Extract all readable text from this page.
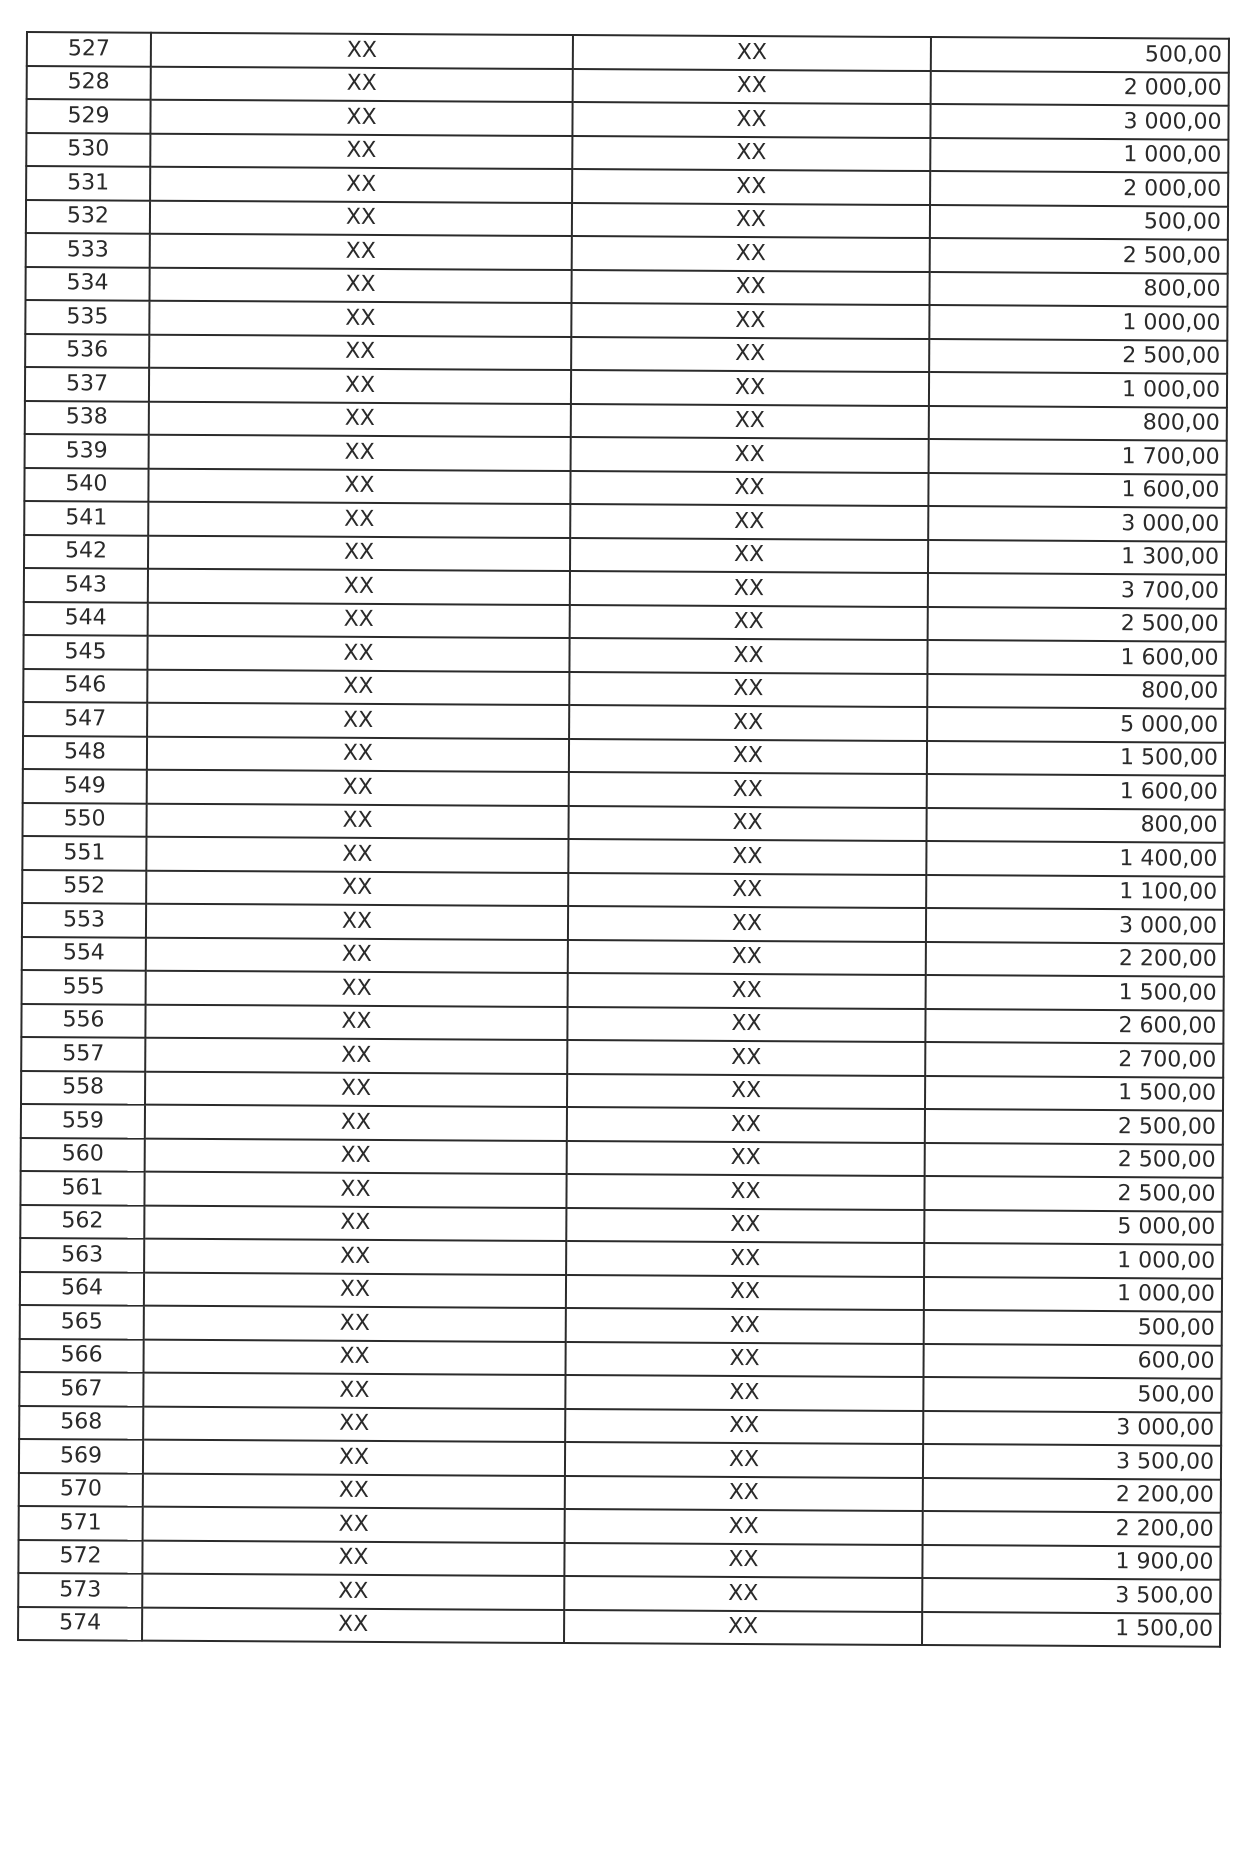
527	XX	XX	500,00
528	XX	XX	2 000,00
529	XX	XX	3 000,00
530	XX	XX	1 000,00
531	XX	XX	2 000,00
532	XX	XX	500,00
533	XX	XX	2 500,00
534	XX	XX	800,00
535	XX	XX	1 000,00
536	XX	XX	2 500,00
537	XX	XX	1 000,00
538	XX	XX	800,00
539	XX	XX	1 700,00
540	XX	XX	1 600,00
541	XX	XX	3 000,00
542	XX	XX	1 300,00
543	XX	XX	3 700,00
544	XX	XX	2 500,00
545	XX	XX	1 600,00
546	XX	XX	800,00
547	XX	XX	5 000,00
548	XX	XX	1 500,00
549	XX	XX	1 600,00
550	XX	XX	800,00
551	XX	XX	1 400,00
552	XX	XX	1 100,00
553	XX	XX	3 000,00
554	XX	XX	2 200,00
555	XX	XX	1 500,00
556	XX	XX	2 600,00
557	XX	XX	2 700,00
558	XX	XX	1 500,00
559	XX	XX	2 500,00
560	XX	XX	2 500,00
561	XX	XX	2 500,00
562	XX	XX	5 000,00
563	XX	XX	1 000,00
564	XX	XX	1 000,00
565	XX	XX	500,00
566	XX	XX	600,00
567	XX	XX	500,00
568	XX	XX	3 000,00
569	XX	XX	3 500,00
570	XX	XX	2 200,00
571	XX	XX	2 200,00
572	XX	XX	1 900,00
573	XX	XX	3 500,00
574	XX	XX	1 500,00
